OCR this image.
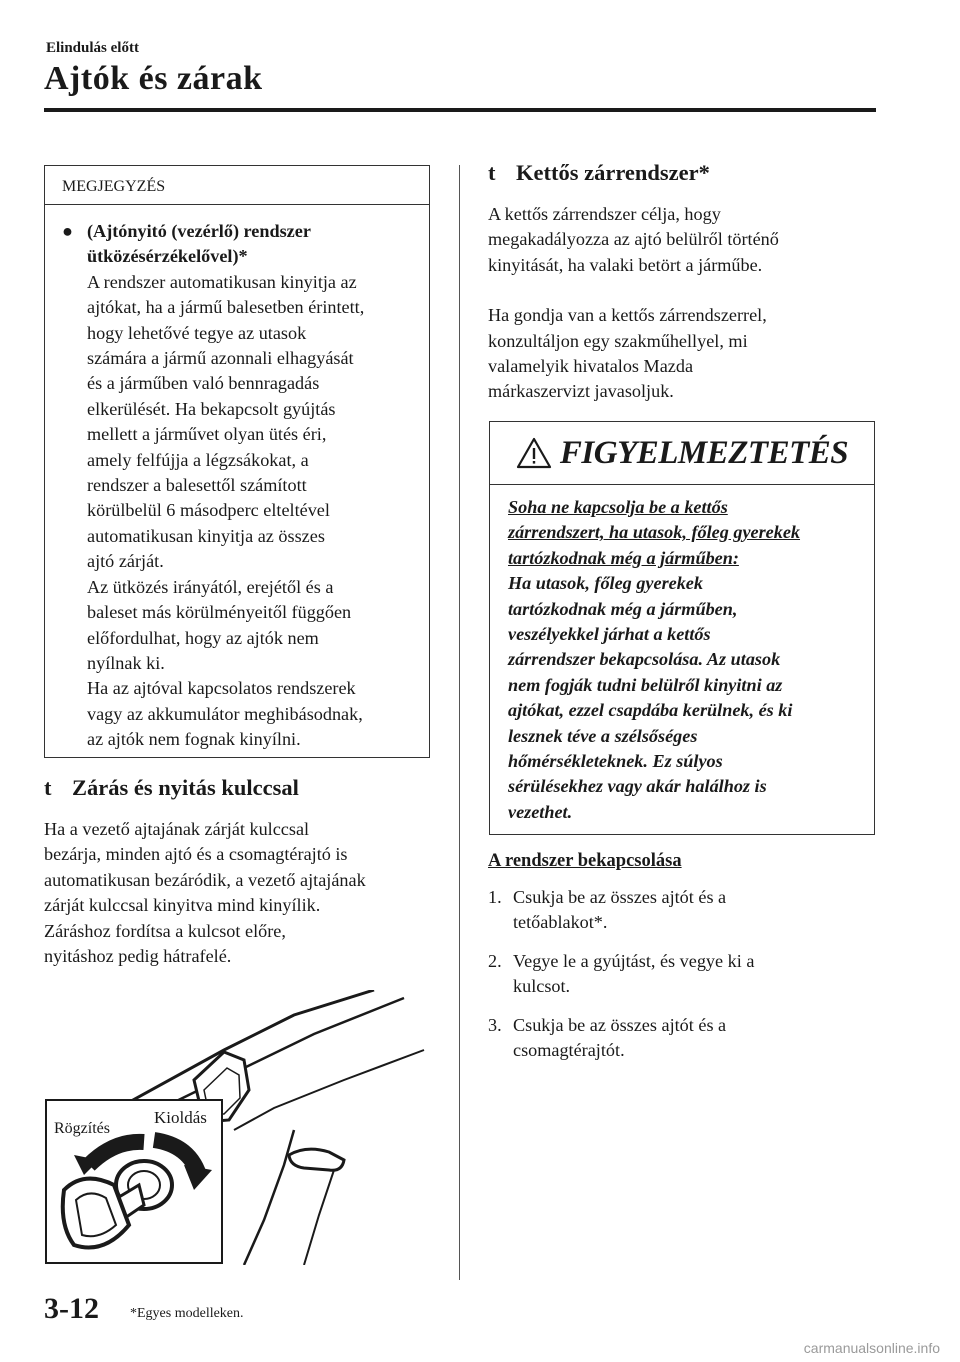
Elindulás előtt
Ajtók és zárak
MEGJEGYZÉS
● (Ajtónyitó (vezérlő) rendszer
ütközésérzékelővel)*
A rendszer automatikusan kinyitja az
ajtókat, ha a jármű balesetben érintett,
hogy lehetővé tegye az utasok
számára a jármű azonnali elhagyását
és a járműben való bennragadás
elkerülését. Ha bekapcsolt gyújtás
mellett a járművet olyan ütés éri,
amely felfújja a légzsákokat, a
rendszer a balesettől számított
körülbelül 6 másodperc elteltével
automatikusan kinyitja az összes
ajtó zárját.
Az ütközés irányától, erejétől és a
baleset más körülményeitől függően
előfordulhat, hogy az ajtók nem
nyílnak ki.
Ha az ajtóval kapcsolatos rendszerek
vagy az akkumulátor meghibásodnak,
az ajtók nem fognak kinyílni.
t Zárás és nyitás kulccsal
Ha a vezető ajtajának zárját kulccsal
bezárja, minden ajtó és a csomagtérajtó is
automatikusan bezáródik, a vezető ajtajának
zárját kulccsal kinyitva mind kinyílik.
Záráshoz fordítsa a kulcsot előre,
nyitáshoz pedig hátrafelé.
Rögzítés
Kioldás
t Kettős zárrendszer*
A kettős zárrendszer célja, hogy
megakadályozza az ajtó belülről történő
kinyitását, ha valaki betört a járműbe.
Ha gondja van a kettős zárrendszerrel,
konzultáljon egy szakműhellyel, mi
valamelyik hivatalos Mazda
márkaszervizt javasoljuk.
FIGYELMEZTETÉS
Soha ne kapcsolja be a kettős
zárrendszert, ha utasok, főleg gyerekek
tartózkodnak még a járműben:
Ha utasok, főleg gyerekek
tartózkodnak még a járműben,
veszélyekkel járhat a kettős
zárrendszer bekapcsolása. Az utasok
nem fogják tudni belülről kinyitni az
ajtókat, ezzel csapdába kerülnek, és ki
lesznek téve a szélsőséges
hőmérsékleteknek. Ez súlyos
sérülésekhez vagy akár halálhoz is
vezethet.
A rendszer bekapcsolása
1. Csukja be az összes ajtót és a
tetőablakot*.
2. Vegye le a gyújtást, és vegye ki a
kulcsot.
3. Csukja be az összes ajtót és a
csomagtérajtót.
3-12 *Egyes modelleken.
carmanualsonline.info
